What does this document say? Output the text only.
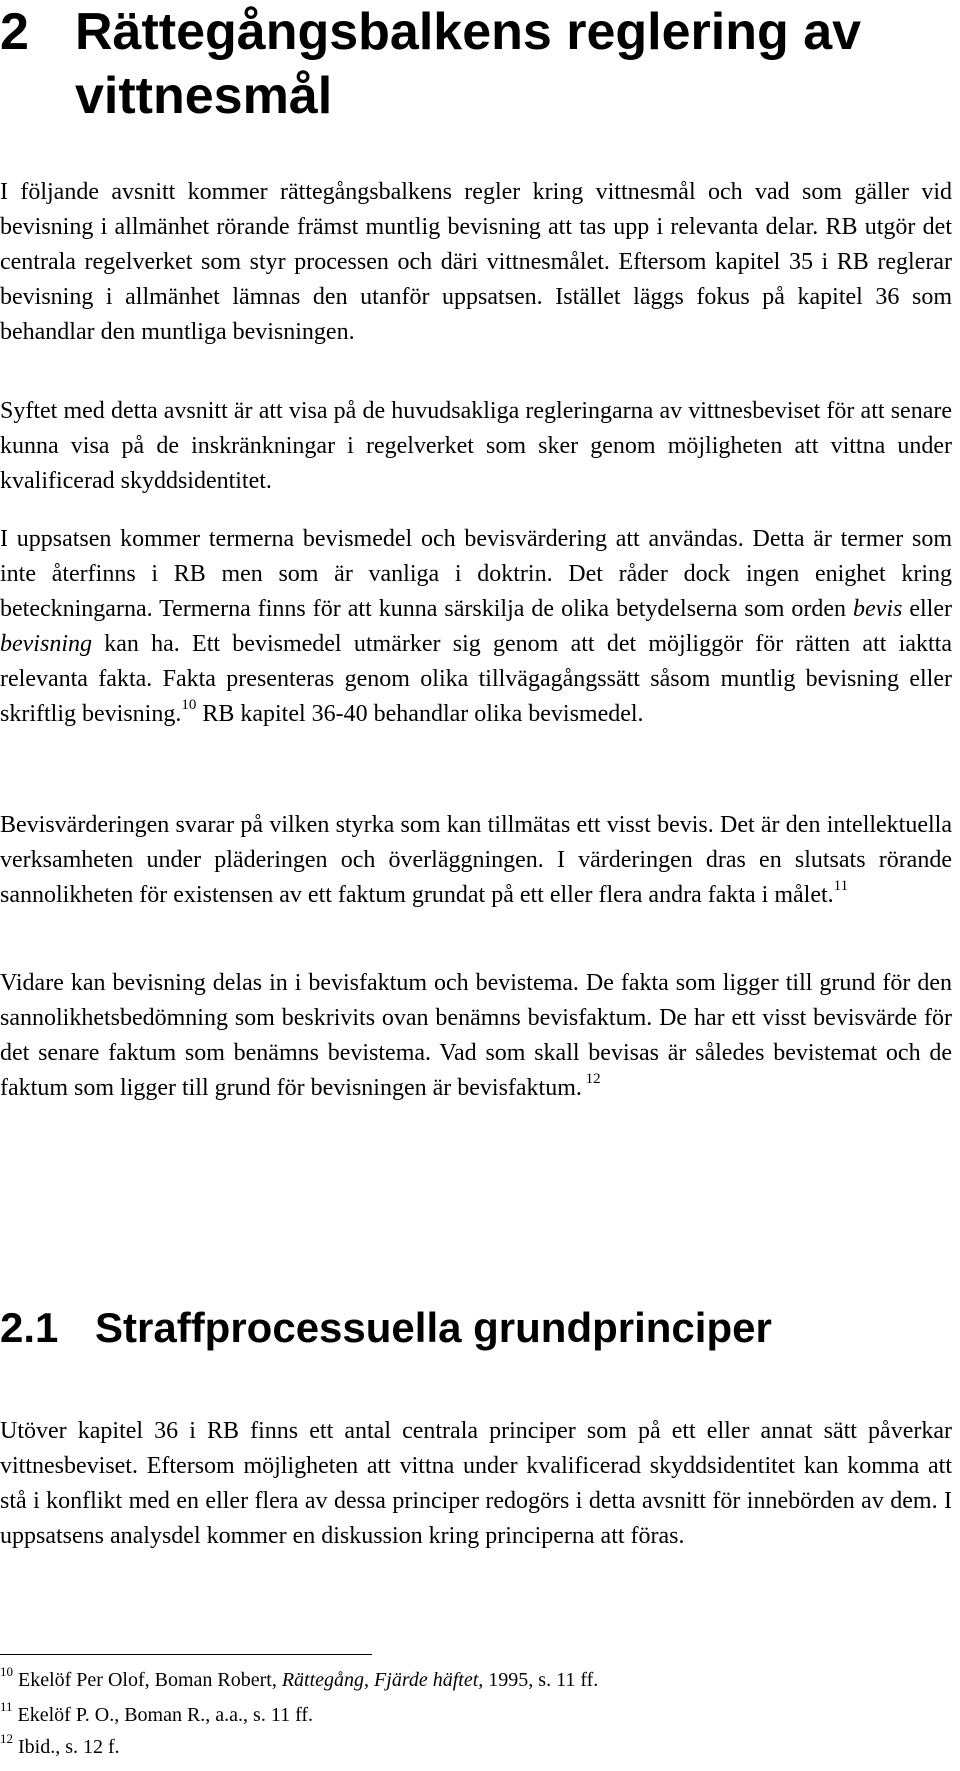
2 Rättegångsbalkens reglering av vittnesmål

I följande avsnitt kommer rättegångsbalkens regler kring vittnesmål och vad som gäller vid bevisning i allmänhet rörande främst muntlig bevisning att tas upp i relevanta delar. RB utgör det centrala regelverket som styr processen och däri vittnesmålet. Eftersom kapitel 35 i RB reglerar bevisning i allmänhet lämnas den utanför uppsatsen. Istället läggs fokus på kapitel 36 som behandlar den muntliga bevisningen.

Syftet med detta avsnitt är att visa på de huvudsakliga regleringarna av vittnesbeviset för att senare kunna visa på de inskränkningar i regelverket som sker genom möjligheten att vittna under kvalificerad skyddsidentitet.

I uppsatsen kommer termerna bevismedel och bevisvärdering att användas. Detta är termer som inte återfinns i RB men som är vanliga i doktrin. Det råder dock ingen enighet kring beteckningarna. Termerna finns för att kunna särskilja de olika betydelserna som orden bevis eller bevisning kan ha. Ett bevismedel utmärker sig genom att det möjliggör för rätten att iaktta relevanta fakta. Fakta presenteras genom olika tillvägagångssätt såsom muntlig bevisning eller skriftlig bevisning.$^{10}$ RB kapitel 36-40 behandlar olika bevismedel.

Bevisvärderingen svarar på vilken styrka som kan tillmätas ett visst bevis. Det är den intellektuella verksamheten under pläderingen och överläggningen. I värderingen dras en slutsats rörande sannolikheten för existensen av ett faktum grundat på ett eller flera andra fakta i målet.$^{11}$

Vidare kan bevisning delas in i bevisfaktum och bevistema. De fakta som ligger till grund för den sannolikhetsbedömning som beskrivits ovan benämns bevisfaktum. De har ett visst bevisvärde för det senare faktum som benämns bevistema. Vad som skall bevisas är således bevistemat och de faktum som ligger till grund för bevisningen är bevisfaktum. $^{12}$

2.1 Straffprocessuella grundprinciper

Utöver kapitel 36 i RB finns ett antal centrala principer som på ett eller annat sätt påverkar vittnesbeviset. Eftersom möjligheten att vittna under kvalificerad skyddsidentitet kan komma att stå i konflikt med en eller flera av dessa principer redogörs i detta avsnitt för innebörden av dem. I uppsatsens analysdel kommer en diskussion kring principerna att föras.

$^{10}$ Ekelöf Per Olof, Boman Robert, Rättegång, Fjärde häftet, 1995, s. 11 ff.

$^{11}$ Ekelöf P. O., Boman R., a.a., s. 11 ff.

$^{12}$ Ibid., s. 12 f.
